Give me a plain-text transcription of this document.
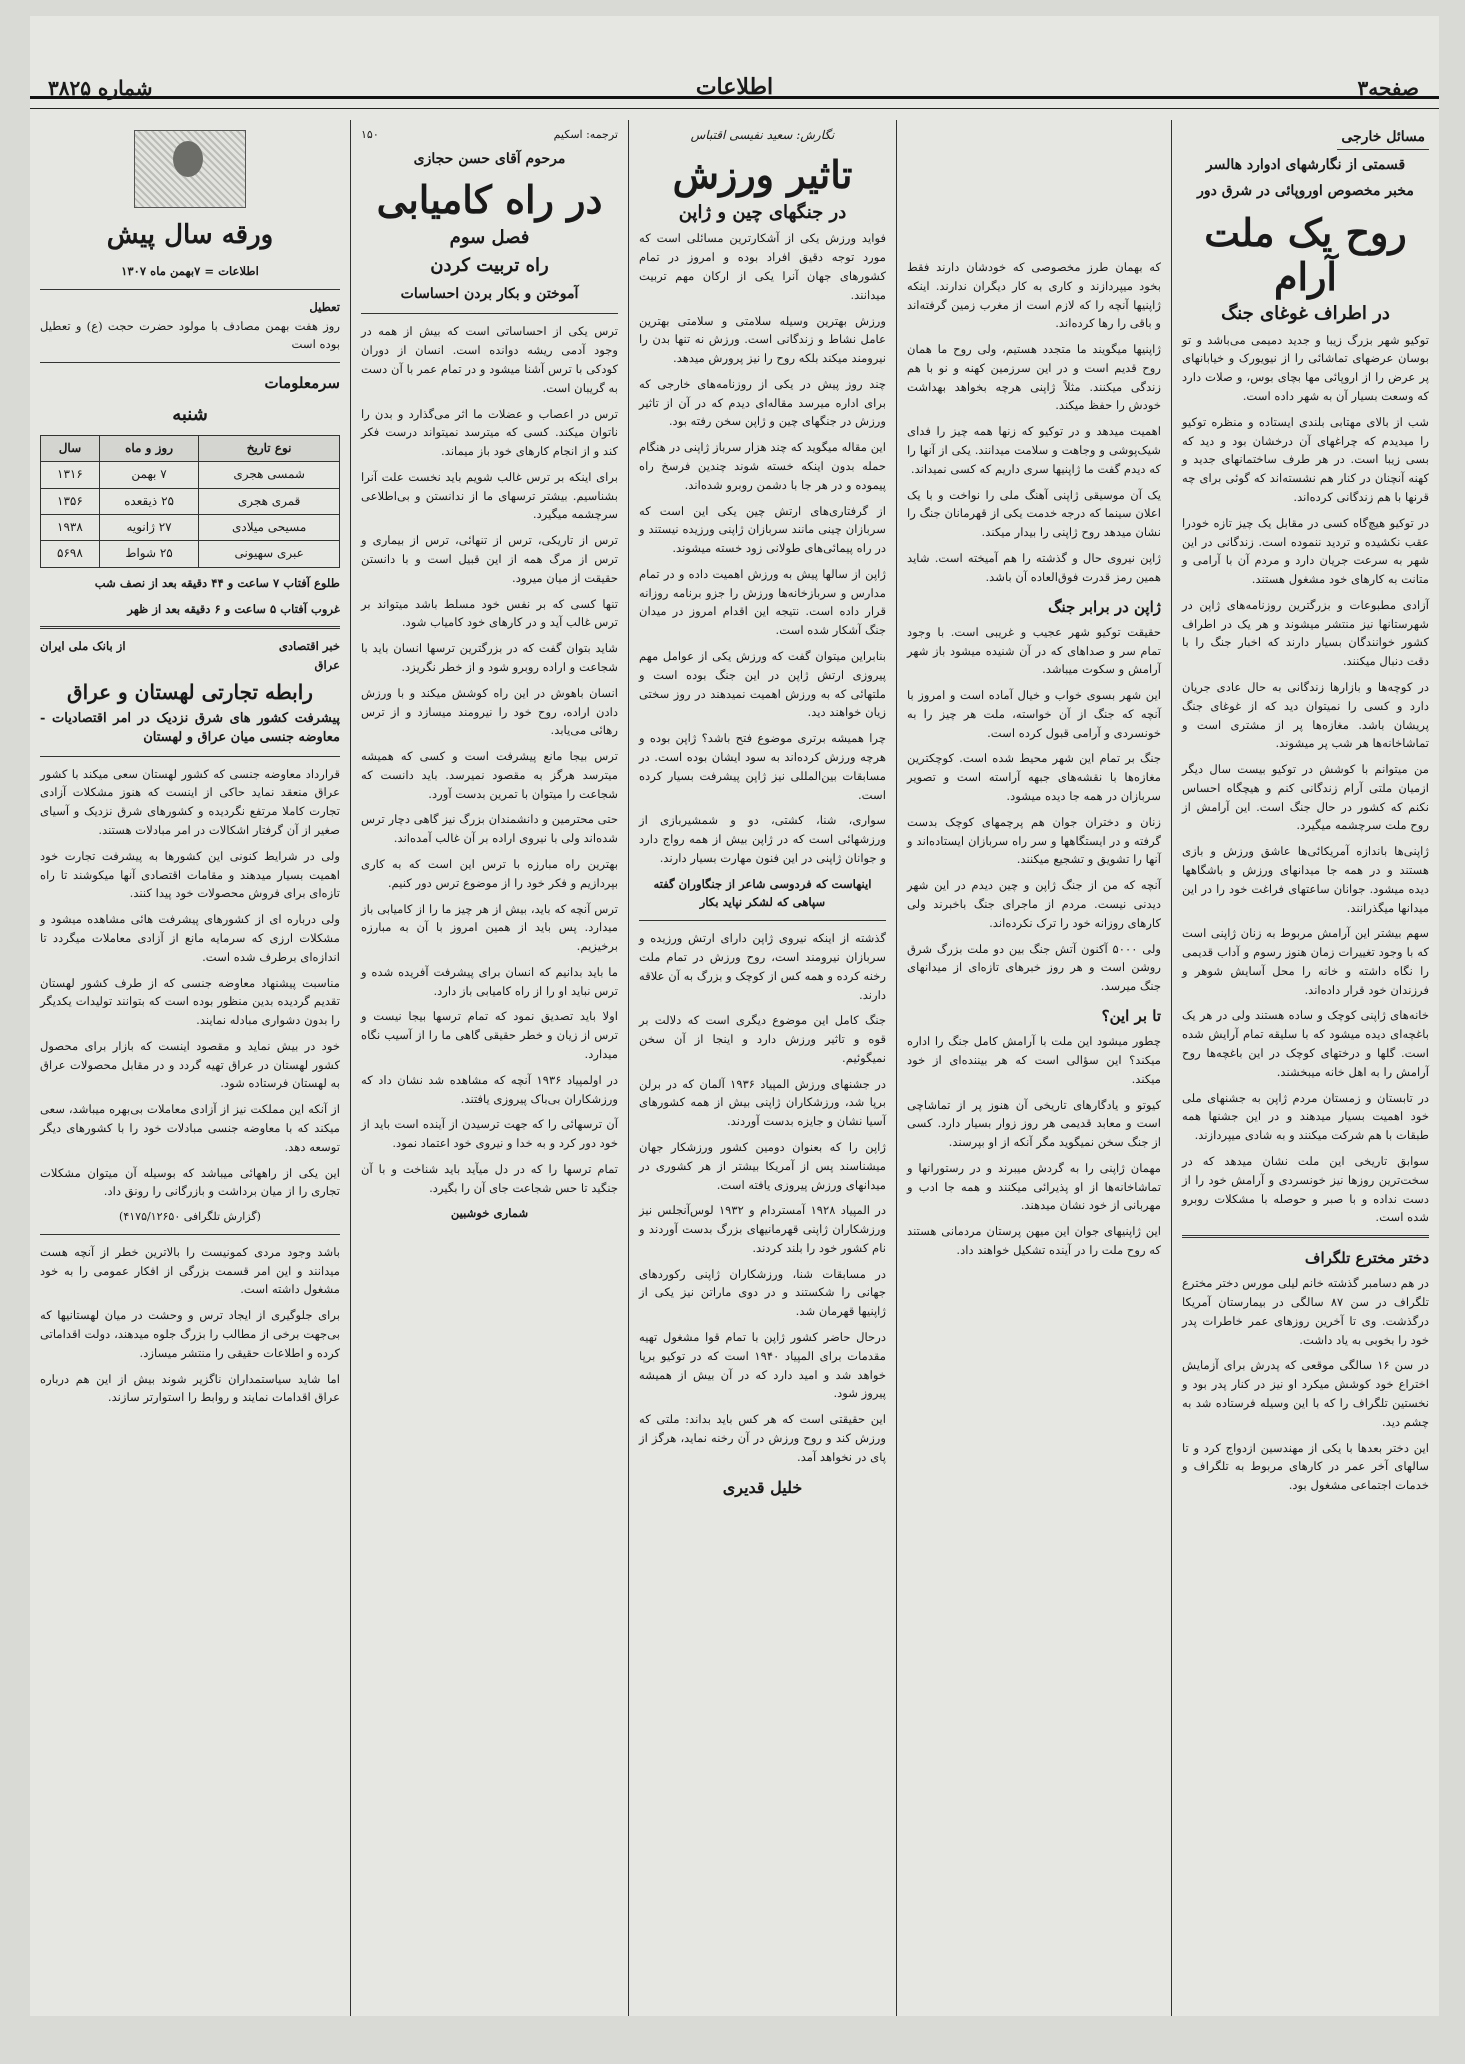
صفحه۳
اطلاعات
شماره ۳۸۲۵
مسائل خارجی
قسمتی از نگارشهای ادوارد هالسر
مخبر مخصوص اوروپائی در شرق دور
روح یک ملت آرام
در اطراف غوغای جنگ

توکیو شهر بزرگ زیبا و جدید دمیمی می‌باشد و تو بوسان عرضهای تماشائی را از نیویورک و خیابانهای پر عرض را از اروپائی مها بچای بوس، و صلات دارد که وسعت بسیار آن به شهر داده است.

شب از بالای مهتابی بلندی ایستاده و منظره توکیو را میدیدم که چراغهای آن درخشان بود و دید که بسی زیبا است. در هر طرف ساختمانهای جدید و کهنه آنچنان در کنار هم نشسته‌اند که گوئی برای چه قرنها با هم زندگانی کرده‌اند.

در توکیو هیچ‌گاه کسی در مقابل یک چیز تازه خودرا عقب نکشیده و تردید ننموده است. زندگانی در این شهر به سرعت جریان دارد و مردم آن با آرامی و متانت به کارهای خود مشغول هستند.

آزادی مطبوعات و بزرگترین روزنامه‌های ژاپن در شهرستانها نیز منتشر میشوند و هر یک در اطراف کشور خوانندگان بسیار دارند که اخبار جنگ را با دقت دنبال میکنند.

در کوچه‌ها و بازارها زندگانی به حال عادی جریان دارد و کسی را نمیتوان دید که از غوغای جنگ پریشان باشد. مغازه‌ها پر از مشتری است و تماشاخانه‌ها هر شب پر میشوند.

من میتوانم با کوشش در توکیو بیست سال دیگر ازمیان ملتی آرام زندگانی کنم و هیچگاه احساس نکنم که کشور در حال جنگ است. این آرامش از روح ملت سرچشمه میگیرد.

ژاپنی‌ها باندازه آمریکائی‌ها عاشق ورزش و بازی هستند و در همه جا میدانهای ورزش و باشگاهها دیده میشود. جوانان ساعتهای فراغت خود را در این میدانها میگذرانند.

سهم بیشتر این آرامش مربوط به زنان ژاپنی است که با وجود تغییرات زمان هنوز رسوم و آداب قدیمی را نگاه داشته و خانه را محل آسایش شوهر و فرزندان خود قرار داده‌اند.

خانه‌های ژاپنی کوچک و ساده هستند ولی در هر یک باغچه‌ای دیده میشود که با سلیقه تمام آرایش شده است. گلها و درختهای کوچک در این باغچه‌ها روح آرامش را به اهل خانه میبخشند.

در تابستان و زمستان مردم ژاپن به جشنهای ملی خود اهمیت بسیار میدهند و در این جشنها همه طبقات با هم شرکت میکنند و به شادی میپردازند.

سوابق تاریخی این ملت نشان میدهد که در سخت‌ترین روزها نیز خونسردی و آرامش خود را از دست نداده و با صبر و حوصله با مشکلات روبرو شده است.

دختر مخترع تلگراف

در هم دسامبر گذشته خانم لیلی مورس دختر مخترع تلگراف در سن ۸۷ سالگی در بیمارستان آمریکا درگذشت. وی تا آخرین روزهای عمر خاطرات پدر خود را بخوبی به یاد داشت.

در سن ۱۶ سالگی موقعی که پدرش برای آزمایش اختراع خود کوشش میکرد او نیز در کنار پدر بود و نخستین تلگراف را که با این وسیله فرستاده شد به چشم دید.

این دختر بعدها با یکی از مهندسین ازدواج کرد و تا سالهای آخر عمر در کارهای مربوط به تلگراف و خدمات اجتماعی مشغول بود.

که بهمان طرز مخصوصی که خودشان دارند فقط بخود میپردازند و کاری به کار دیگران ندارند. اینکه ژاپنیها آنچه را که لازم است از مغرب زمین گرفته‌اند و باقی را رها کرده‌اند.

ژاپنیها میگویند ما متجدد هستیم، ولی روح ما همان روح قدیم است و در این سرزمین کهنه و نو با هم زندگی میکنند. مثلاً ژاپنی هرچه بخواهد بهداشت خودش را حفظ میکند.

اهمیت میدهد و در توکیو که زنها همه چیز را فدای شیک‌پوشی و وجاهت و سلامت میدانند. یکی از آنها را که دیدم گفت ما ژاپنیها سری داریم که کسی نمیداند.

یک آن موسیقی ژاپنی آهنگ ملی را نواخت و با یک اعلان سینما که درجه خدمت یکی از قهرمانان جنگ را نشان میدهد روح ژاپنی را بیدار میکند.

ژاپن نیروی حال و گذشته را هم آمیخته است. شاید همین رمز قدرت فوق‌العاده آن باشد.

ژاپن در برابر جنگ

حقیقت توکیو شهر عجیب و غریبی است. با وجود تمام سر و صداهای که در آن شنیده میشود باز شهر آرامش و سکوت میباشد.

این شهر بسوی خواب و خیال آماده است و امروز با آنچه که جنگ از آن خواسته، ملت هر چیز را به خونسردی و آرامی قبول کرده است.

جنگ بر تمام این شهر محیط شده است. کوچکترین مغازه‌ها با نقشه‌های جبهه آراسته است و تصویر سربازان در همه جا دیده میشود.

زنان و دختران جوان هم پرچمهای کوچک بدست گرفته و در ایستگاهها و سر راه سربازان ایستاده‌اند و آنها را تشویق و تشجیع میکنند.

آنچه که من از جنگ ژاپن و چین دیدم در این شهر دیدنی نیست. مردم از ماجرای جنگ باخبرند ولی کارهای روزانه خود را ترک نکرده‌اند.

ولی ۵۰۰۰ آکنون آتش جنگ بین دو ملت بزرگ شرق روشن است و هر روز خبرهای تازه‌ای از میدانهای جنگ میرسد.

تا بر این؟

چطور میشود این ملت با آرامش کامل جنگ را اداره میکند؟ این سؤالی است که هر بیننده‌ای از خود میکند.

کیوتو و یادگارهای تاریخی آن هنوز پر از تماشاچی است و معابد قدیمی هر روز زوار بسیار دارد. کسی از جنگ سخن نمیگوید مگر آنکه از او بپرسند.

مهمان ژاپنی را به گردش میبرند و در رستورانها و تماشاخانه‌ها از او پذیرائی میکنند و همه جا ادب و مهربانی از خود نشان میدهند.

این ژاپنیهای جوان این میهن پرستان مردمانی هستند که روح ملت را در آینده تشکیل خواهند داد.

نگارش: سعید نفیسی اقتباس
تاثیر ورزش
در جنگهای چین و ژاپن

فواید ورزش یکی از آشکارترین مسائلی است که مورد توجه دقیق افراد بوده و امروز در تمام کشورهای جهان آنرا یکی از ارکان مهم تربیت میدانند.

ورزش بهترین وسیله سلامتی و سلامتی بهترین عامل نشاط و زندگانی است. ورزش نه تنها بدن را نیرومند میکند بلکه روح را نیز پرورش میدهد.

چند روز پیش در یکی از روزنامه‌های خارجی که برای اداره میرسد مقاله‌ای دیدم که در آن از تاثیر ورزش در جنگهای چین و ژاپن سخن رفته بود.

این مقاله میگوید که چند هزار سرباز ژاپنی در هنگام حمله بدون اینکه خسته شوند چندین فرسخ راه پیموده و در هر جا با دشمن روبرو شده‌اند.

از گرفتاری‌های ارتش چین یکی این است که سربازان چینی مانند سربازان ژاپنی ورزیده نیستند و در راه پیمائی‌های طولانی زود خسته میشوند.

ژاپن از سالها پیش به ورزش اهمیت داده و در تمام مدارس و سربازخانه‌ها ورزش را جزو برنامه روزانه قرار داده است. نتیجه این اقدام امروز در میدان جنگ آشکار شده است.

بنابراین میتوان گفت که ورزش یکی از عوامل مهم پیروزی ارتش ژاپن در این جنگ بوده است و ملتهائی که به ورزش اهمیت نمیدهند در روز سختی زیان خواهند دید.

چرا همیشه برتری موضوع فتح باشد؟ ژاپن بوده و هرچه ورزش کرده‌اند به سود ایشان بوده است. در مسابقات بین‌المللی نیز ژاپن پیشرفت بسیار کرده است.

سواری، شنا، کشتی، دو و شمشیربازی از ورزشهائی است که در ژاپن بیش از همه رواج دارد و جوانان ژاپنی در این فنون مهارت بسیار دارند.

اینهاست که فردوسی شاعر از جنگاوران گفته
سپاهی که لشکر نپاید بکار

گذشته از اینکه نیروی ژاپن دارای ارتش ورزیده و سربازان نیرومند است، روح ورزش در تمام ملت رخنه کرده و همه کس از کوچک و بزرگ به آن علاقه دارند.

جنگ کامل این موضوع دیگری است که دلالت بر قوه و تاثیر ورزش دارد و اینجا از آن سخن نمیگوئیم.

در جشنهای ورزش المپیاد ۱۹۳۶ آلمان که در برلن برپا شد، ورزشکاران ژاپنی بیش از همه کشورهای آسیا نشان و جایزه بدست آوردند.

ژاپن را که بعنوان دومین کشور ورزشکار جهان میشناسند پس از آمریکا بیشتر از هر کشوری در میدانهای ورزش پیروزی یافته است.

در المپیاد ۱۹۲۸ آمستردام و ۱۹۳۲ لوس‌آنجلس نیز ورزشکاران ژاپنی قهرمانیهای بزرگ بدست آوردند و نام کشور خود را بلند کردند.

در مسابقات شنا، ورزشکاران ژاپنی رکوردهای جهانی را شکستند و در دوی ماراتن نیز یکی از ژاپنیها قهرمان شد.

درحال حاضر کشور ژاپن با تمام قوا مشغول تهیه مقدمات برای المپیاد ۱۹۴۰ است که در توکیو برپا خواهد شد و امید دارد که در آن بیش از همیشه پیروز شود.

این حقیقتی است که هر کس باید بداند: ملتی که ورزش کند و روح ورزش در آن رخنه نماید، هرگز از پای در نخواهد آمد.

خلیل قدیری
ترجمه: اسکیم
۱۵۰
مرحوم آقای حسن حجازی
در راه کامیابی
فصل سوم
راه تربیت کردن
آموختن و بکار بردن احساسات

ترس یکی از احساساتی است که بیش از همه در وجود آدمی ریشه دوانده است. انسان از دوران کودکی با ترس آشنا میشود و در تمام عمر با آن دست به گریبان است.

ترس در اعصاب و عضلات ما اثر می‌گذارد و بدن را ناتوان میکند. کسی که میترسد نمیتواند درست فکر کند و از انجام کارهای خود باز میماند.

برای اینکه بر ترس غالب شویم باید نخست علت آنرا بشناسیم. بیشتر ترسهای ما از ندانستن و بی‌اطلاعی سرچشمه میگیرد.

ترس از تاریکی، ترس از تنهائی، ترس از بیماری و ترس از مرگ همه از این قبیل است و با دانستن حقیقت از میان میرود.

تنها کسی که بر نفس خود مسلط باشد میتواند بر ترس غالب آید و در کارهای خود کامیاب شود.

شاید بتوان گفت که در بزرگترین ترسها انسان باید با شجاعت و اراده روبرو شود و از خطر نگریزد.

انسان باهوش در این راه کوشش میکند و با ورزش دادن اراده، روح خود را نیرومند میسازد و از ترس رهائی می‌یابد.

ترس بیجا مانع پیشرفت است و کسی که همیشه میترسد هرگز به مقصود نمیرسد. باید دانست که شجاعت را میتوان با تمرین بدست آورد.

حتی محترمین و دانشمندان بزرگ نیز گاهی دچار ترس شده‌اند ولی با نیروی اراده بر آن غالب آمده‌اند.

بهترین راه مبارزه با ترس این است که به کاری بپردازیم و فکر خود را از موضوع ترس دور کنیم.

ترس آنچه که باید، بیش از هر چیز ما را از کامیابی باز میدارد. پس باید از همین امروز با آن به مبارزه برخیزیم.

ما باید بدانیم که انسان برای پیشرفت آفریده شده و ترس نباید او را از راه کامیابی باز دارد.

اولا باید تصدیق نمود که تمام ترسها بیجا نیست و ترس از زیان و خطر حقیقی گاهی ما را از آسیب نگاه میدارد.

در اولمپیاد ۱۹۳۶ آنچه که مشاهده شد نشان داد که ورزشکاران بی‌باک پیروزی یافتند.

آن ترسهائی را که جهت ترسیدن از آینده است باید از خود دور کرد و به خدا و نیروی خود اعتماد نمود.

تمام ترسها را که در دل میآید باید شناخت و با آن جنگید تا حس شجاعت جای آن را بگیرد.

شماری خوشبین
ورقه سال پیش
اطلاعات = ۷بهمن ماه ۱۳۰۷
تعطیل

روز هفت بهمن مصادف با مولود حضرت حجت (ع) و تعطیل بوده است

سرمعلومات
شنبه
نوع تاریخ	روز و ماه	سال
شمسی هجری	۷ بهمن	۱۳۱۶
قمری هجری	۲۵ ذیقعده	۱۳۵۶
مسیحی میلادی	۲۷ ژانویه	۱۹۳۸
عبری سهیونی	۲۵ شواط	۵۶۹۸

طلوع آفتاب ۷ ساعت و ۴۴ دقیقه بعد از نصف شب

غروب آفتاب ۵ ساعت و ۶ دقیقه بعد از ظهر

خبر اقتصادی
از بانک ملی ایران
عراق
رابطه تجارتی لهستان و عراق
پیشرفت کشور های شرق نزدیک در امر اقتصادیات - معاوضه جنسی میان عراق و لهستان

قرارداد معاوضه جنسی که کشور لهستان سعی میکند با کشور عراق منعقد نماید حاکی از اینست که هنوز مشکلات آزادی تجارت کاملا مرتفع نگردیده و کشورهای شرق نزدیک و آسیای صغیر از آن گرفتار اشکالات در امر مبادلات هستند.

ولی در شرایط کنونی این کشورها به پیشرفت تجارت خود اهمیت بسیار میدهند و مقامات اقتصادی آنها میکوشند تا راه تازه‌ای برای فروش محصولات خود پیدا کنند.

ولی درباره ای از کشورهای پیشرفت هائی مشاهده میشود و مشکلات ارزی که سرمایه مانع از آزادی معاملات میگردد تا اندازه‌ای برطرف شده است.

مناسبت پیشنهاد معاوضه جنسی که از طرف کشور لهستان تقدیم گردیده بدین منظور بوده است که بتوانند تولیدات یکدیگر را بدون دشواری مبادله نمایند.

خود در بیش نماید و مقصود اینست که بازار برای محصول کشور لهستان در عراق تهیه گردد و در مقابل محصولات عراق به لهستان فرستاده شود.

از آنکه این مملکت نیز از آزادی معاملات بی‌بهره میباشد، سعی میکند که با معاوضه جنسی مبادلات خود را با کشورهای دیگر توسعه دهد.

این یکی از راههائی میباشد که بوسیله آن میتوان مشکلات تجاری را از میان برداشت و بازرگانی را رونق داد.

(گزارش تلگرافی ۴۱۷۵/۱۲۶۵۰)

باشد وجود مردی کمونیست را بالاترین خطر از آنچه هست میدانند و این امر قسمت بزرگی از افکار عمومی را به خود مشغول داشته است.

برای جلوگیری از ایجاد ترس و وحشت در میان لهستانیها که بی‌جهت برخی از مطالب را بزرگ جلوه میدهند، دولت اقداماتی کرده و اطلاعات حقیقی را منتشر میسازد.

اما شاید سیاستمداران ناگزیر شوند بیش از این هم درباره عراق اقدامات نمایند و روابط را استوارتر سازند.
